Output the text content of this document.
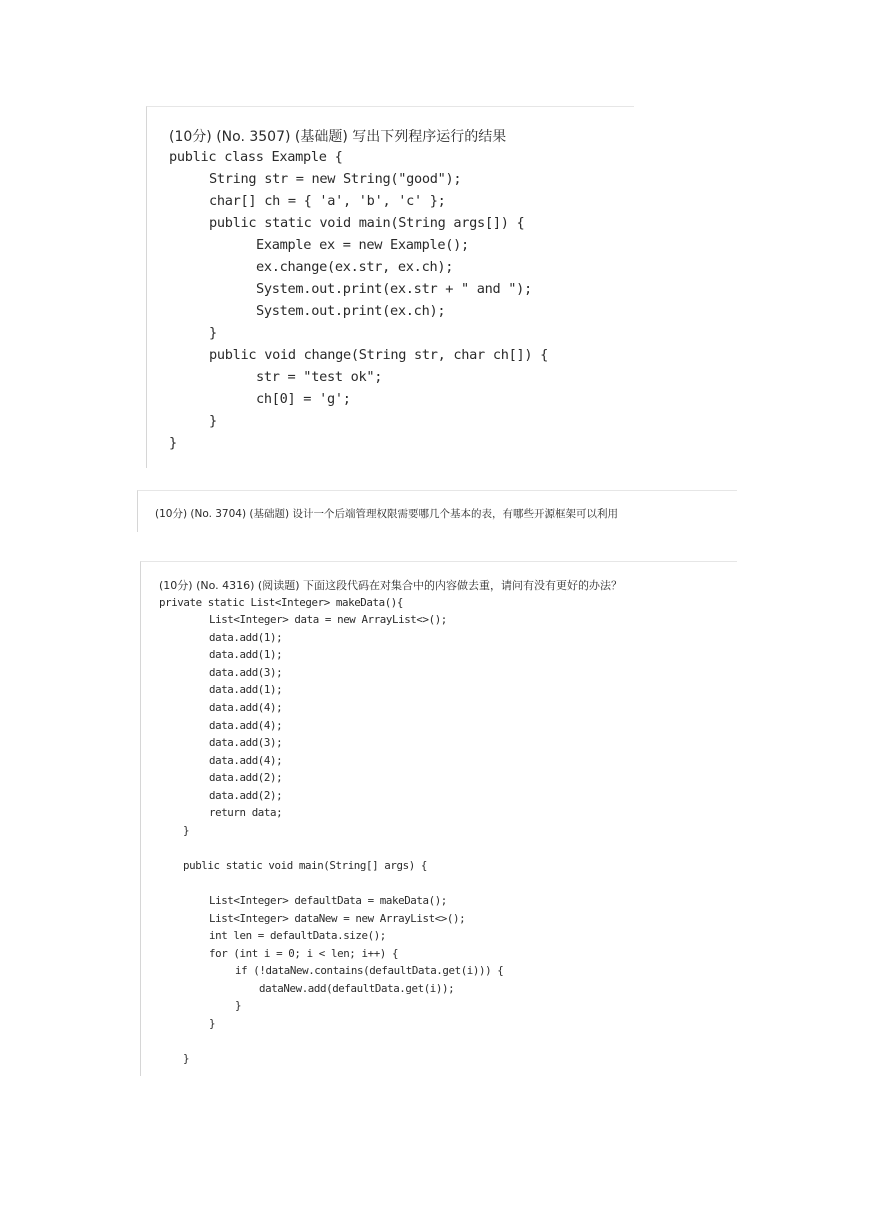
(10分) (No. 3507) (基础题) 写出下列程序运行的结果
public class Example {
String str = new String("good");
char[] ch = { 'a', 'b', 'c' };
public static void main(String args[]) {
Example ex = new Example();
ex.change(ex.str, ex.ch);
System.out.print(ex.str + " and ");
System.out.print(ex.ch);
}
public void change(String str, char ch[]) {
str = "test ok";
ch[0] = 'g';
}
}
(10分) (No. 3704) (基础题) 设计一个后端管理权限需要哪几个基本的表，有哪些开源框架可以利用
(10分) (No. 4316) (阅读题) 下面这段代码在对集合中的内容做去重，请问有没有更好的办法？
private static List<Integer> makeData(){
List<Integer> data = new ArrayList<>();
data.add(1);
data.add(1);
data.add(3);
data.add(1);
data.add(4);
data.add(4);
data.add(3);
data.add(4);
data.add(2);
data.add(2);
return data;
}
public static void main(String[] args) {
List<Integer> defaultData = makeData();
List<Integer> dataNew = new ArrayList<>();
int len = defaultData.size();
for (int i = 0; i < len; i++) {
if (!dataNew.contains(defaultData.get(i))) {
dataNew.add(defaultData.get(i));
}
}
}
